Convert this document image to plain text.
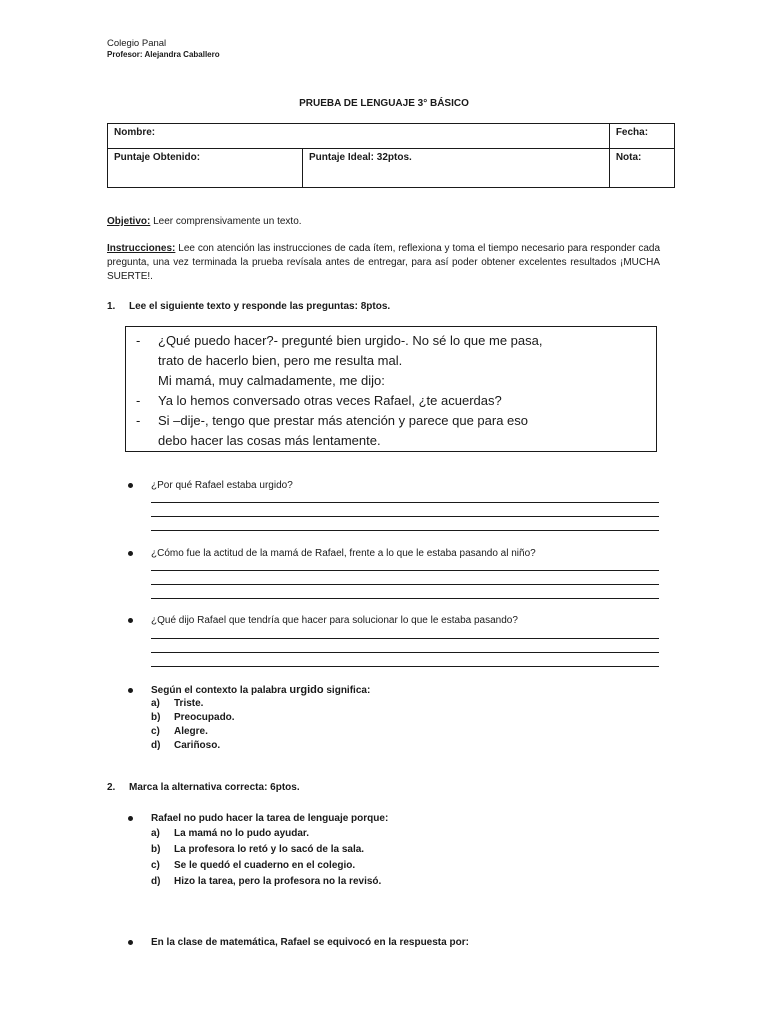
Colegio Panal
Profesor: Alejandra Caballero
PRUEBA DE LENGUAJE 3° BÁSICO
Nombre:		Fecha:
Puntaje Obtenido:	Puntaje Ideal: 32ptos.	Nota:
Objetivo: Leer comprensivamente un texto.
Instrucciones: Lee con atención las instrucciones de cada ítem, reflexiona y toma el tiempo necesario para responder cada pregunta, una vez terminada la prueba revísala antes de entregar, para así poder obtener excelentes resultados ¡MUCHA SUERTE!.
1. Lee el siguiente texto y responde las preguntas: 8ptos.
-	¿Qué puedo hacer?- pregunté bien urgido-. No sé lo que me pasa,
trato de hacerlo bien, pero me resulta mal.
Mi mamá, muy calmadamente, me dijo:
-	Ya lo hemos conversado otras veces Rafael, ¿te acuerdas?
-	Si –dije-, tengo que prestar más atención y parece que para eso
debo hacer las cosas más lentamente.
¿Por qué Rafael estaba urgido?
¿Cómo fue la actitud de la mamá de Rafael, frente a lo que le estaba pasando al niño?
¿Qué dijo Rafael que tendría que hacer para solucionar lo que le estaba pasando?
Según el contexto la palabra urgido significa:
a)	Triste.
b)	Preocupado.
c)	Alegre.
d)	Cariñoso.
2. Marca la alternativa correcta: 6ptos.
Rafael no pudo hacer la tarea de lenguaje porque:
a)	La mamá no lo pudo ayudar.
b)	La profesora lo retó y lo sacó de la sala.
c)	Se le quedó el cuaderno en el colegio.
d)	Hizo la tarea, pero la profesora no la revisó.
En la clase de matemática, Rafael se equivocó en la respuesta por:
